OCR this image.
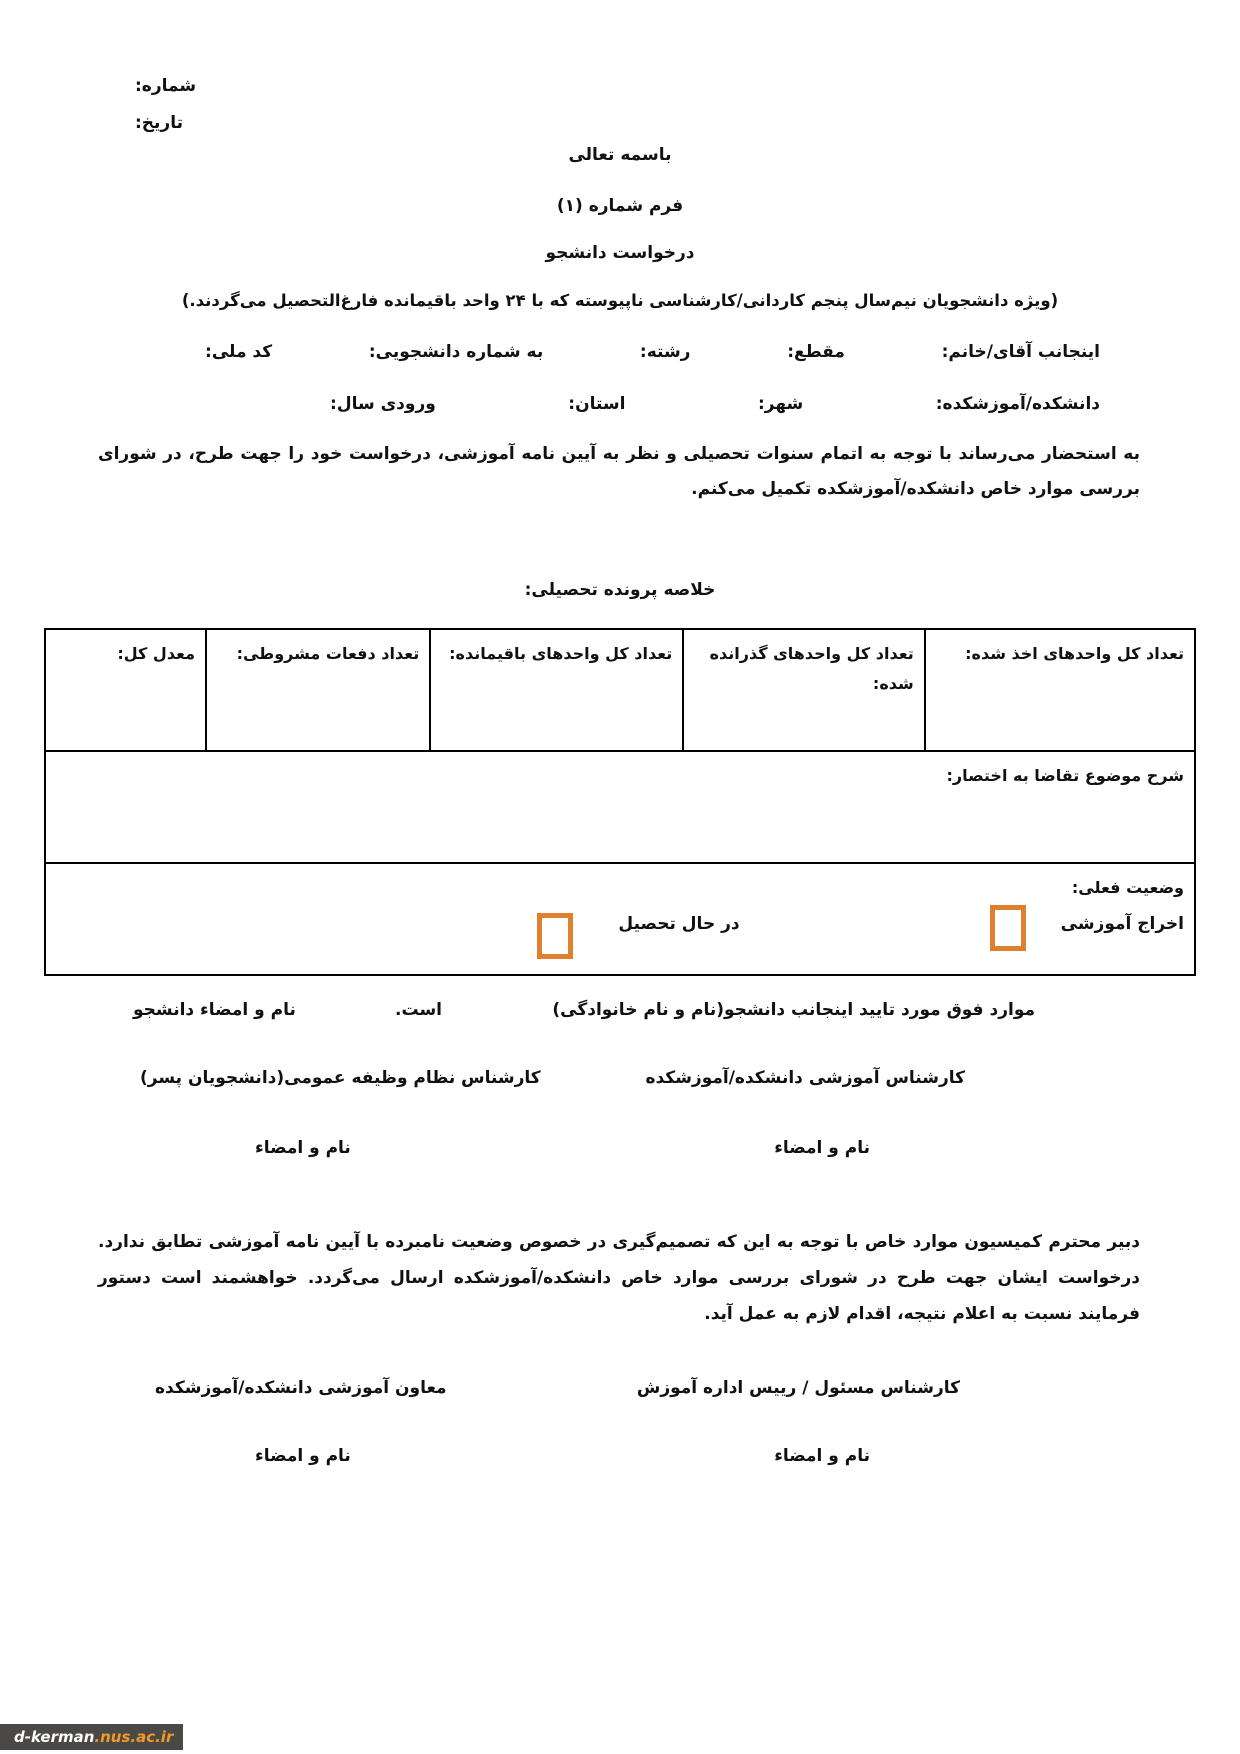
شماره:
تاریخ:
باسمه تعالی
فرم شماره (۱)
درخواست دانشجو
(ویژه دانشجویان نیم‌سال پنجم کاردانی/کارشناسی ناپیوسته که با ۲۴ واحد باقیمانده فارغ‌التحصیل می‌گردند.)
اینجانب آقای/خانم:
مقطع:
رشته:
به شماره دانشجویی:
کد ملی:
دانشکده/آموزشکده:
شهر:
استان:
ورودی سال:
به استحضار می‌رساند با توجه به اتمام سنوات تحصیلی و نظر به آیین نامه آموزشی، درخواست خود را جهت طرح، در شورای بررسی موارد خاص دانشکده/آموزشکده تکمیل می‌کنم.
خلاصه پرونده تحصیلی:
تعداد کل واحدهای اخذ شده:	تعداد کل واحدهای گذرانده شده:	تعداد کل واحدهای باقیمانده:	تعداد دفعات مشروطی:	معدل کل:
شرح موضوع تقاضا به اختصار:

وضعیت فعلی:
اخراج آموزشی
در حال تحصیل
موارد فوق مورد تایید اینجانب دانشجو(نام و نام خانوادگی)
است.
نام و امضاء دانشجو
کارشناس آموزشی دانشکده/آموزشکده
کارشناس نظام وظیفه عمومی(دانشجویان پسر)
نام و امضاء
نام و امضاء
دبیر محترم کمیسیون موارد خاص با توجه به این که تصمیم‌گیری در خصوص وضعیت نامبرده با آیین نامه آموزشی تطابق ندارد. درخواست ایشان جهت طرح در شورای بررسی موارد خاص دانشکده/آموزشکده ارسال می‌گردد. خواهشمند است دستور فرمایند نسبت به اعلام نتیجه، اقدام لازم به عمل آید.
کارشناس مسئول / رییس اداره آموزش
معاون آموزشی دانشکده/آموزشکده
نام و امضاء
نام و امضاء
d-kerman.nus.ac.ir
